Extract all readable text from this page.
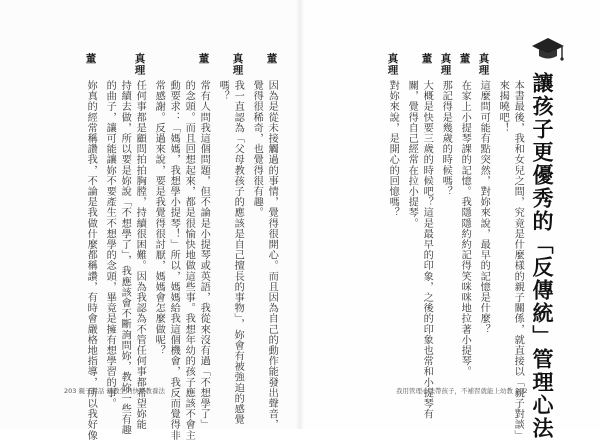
讓孩子更優秀的「反傳統」管理心法
本書最後，我和女兒之間，究竟是什麼樣的親子關係，就直接以「親子對談」
來揭曉吧！
真理
這麼問可能有點突然，對妳來說，最早的記憶是什麼？
董
在家上小提琴課的記憶。我隱隱約約記得笑咪咪地拉著小提琴。
真理
那記得是幾歲的時候嗎？
董
大概是快要三歲的時候吧？這是最早的印象，之後的印象也常和小提琴有
關，覺得自己經常在拉小提琴。
真理
對妳來說，是開心的回憶嗎？
董
因為是從未接觸過的事情，覺得很開心。而且因為自己的動作能發出聲音，
覺得很稀奇，也覺得很有趣。
真理
我一直認為「父母教孩子的應該是自己擅長的事物」，妳會有被強迫的感覺
嗎？
董
常有人問我這個問題，但不論是小提琴或英語，我從來沒有過「不想學了」
的念頭。而且回想起來，都是很愉快地做這些事。我想年幼的孩子應該不會主
動要求：「媽媽，我想學小提琴！」所以，媽媽給我這個機會，我反而覺得非
常感謝。反過來說，要是我覺得很討厭，媽媽會怎麼做呢？
真理
任何事都是顧問拍拍胸膛，持續很困難。因為我認為不管任何事都希望妳能
持續去做，所以要是妳說「不想學了」，我應該會不斷詢問妳，教妳一些有趣
的曲子，讓可能讓妳不要產生不想學的念頭，畢竟是擁有想學習的事。
董
妳真的經常稱讚我，不論是我做什麼都稱讚，有時會嚴格地指導，所以我好像
203 親子對話 幼教生的快樂教養法	我用管理心法帶孩子，不補習就能上幼教 202
